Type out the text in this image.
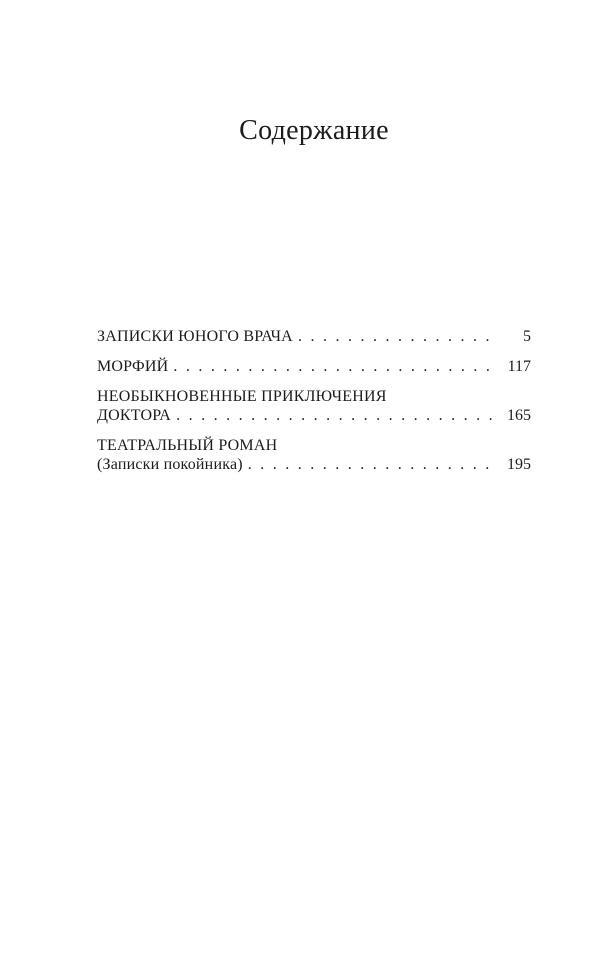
Содержание
ЗАПИСКИ ЮНОГО ВРАЧА . . .	5
МОРФИЙ . . .	117
НЕОБЫКНОВЕННЫЕ ПРИКЛЮЧЕНИЯ
ДОКТОРА . . .	165
ТЕАТРАЛЬНЫЙ РОМАН
(Записки покойника) . . .	195
